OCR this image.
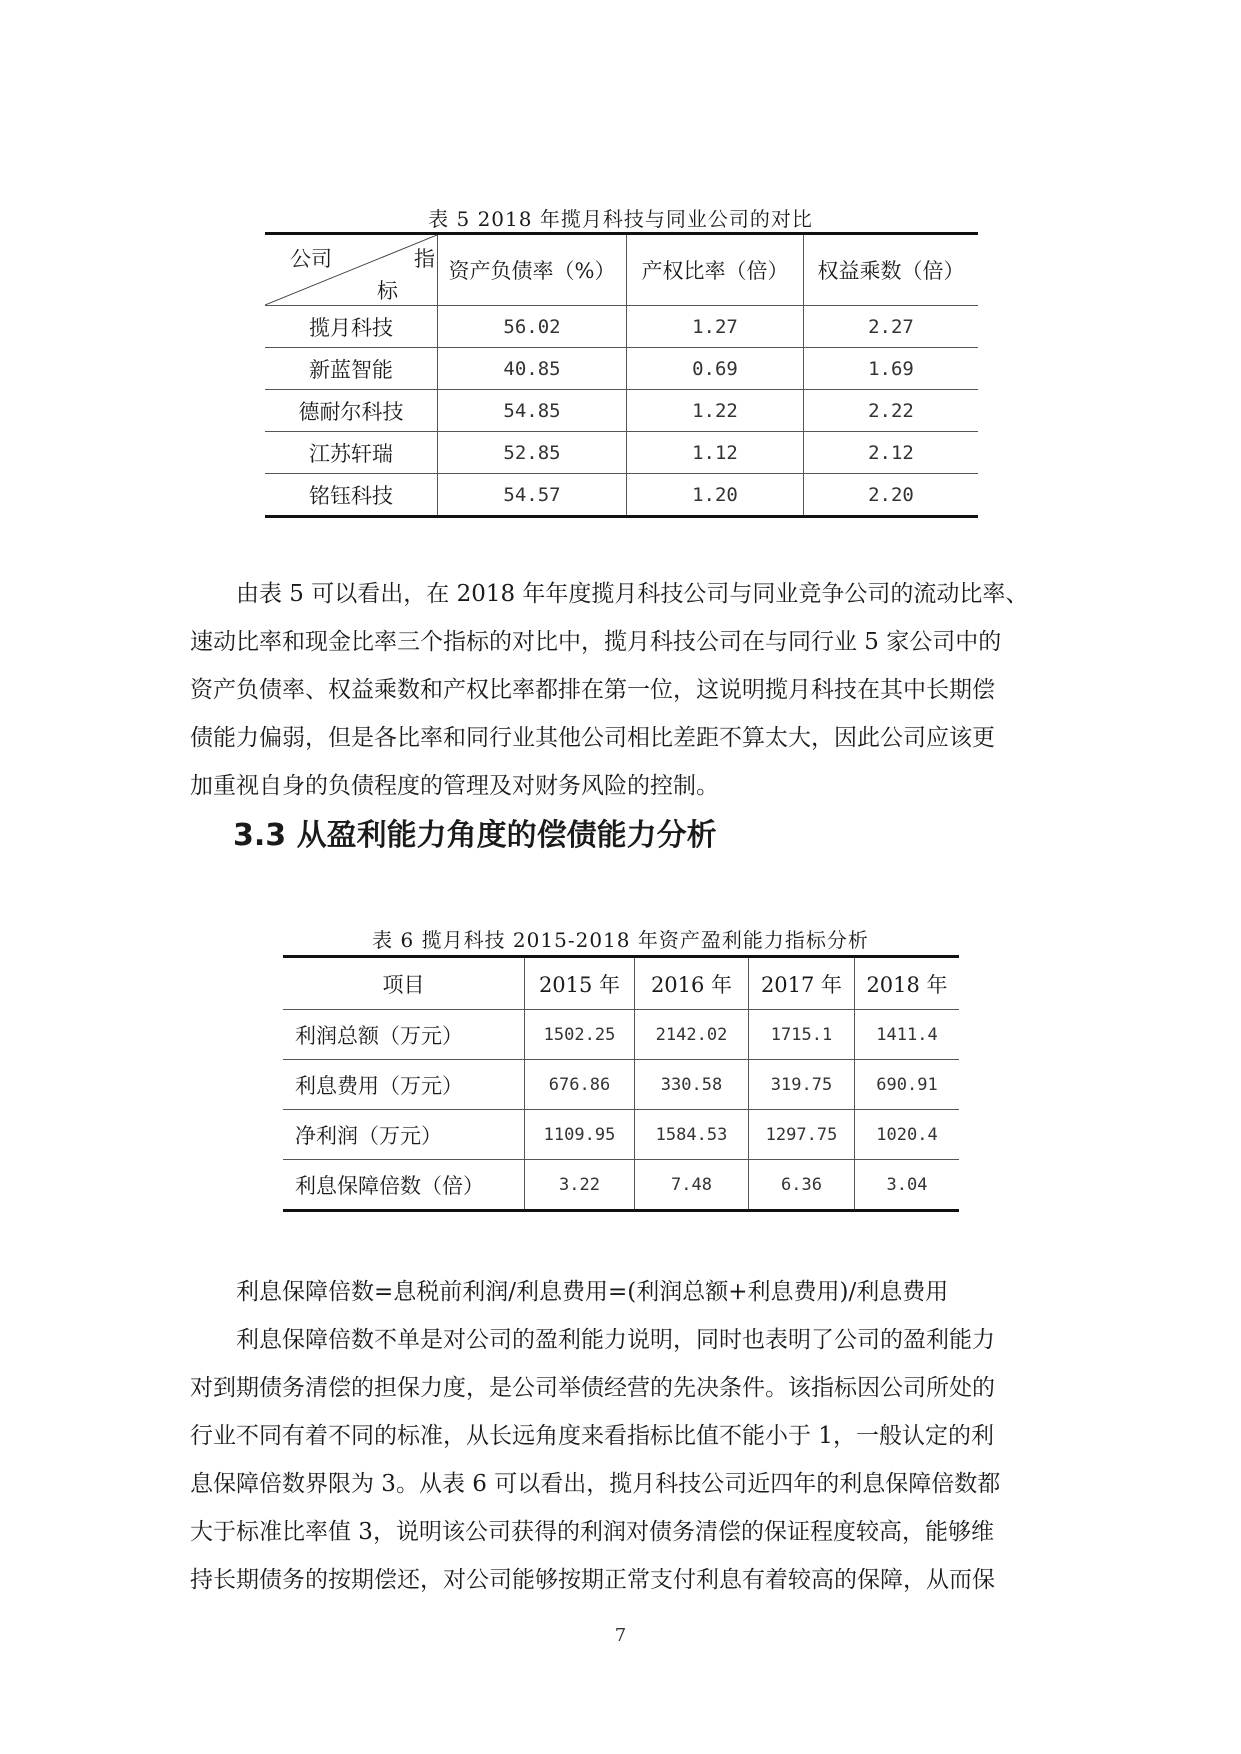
表 5 2018 年揽月科技与同业公司的对比
公司 指
标	资产负债率（%）	产权比率（倍）	权益乘数（倍）
揽月科技	56.02	1.27	2.27
新蓝智能	40.85	0.69	1.69
德耐尔科技	54.85	1.22	2.22
江苏轩瑞	52.85	1.12	2.12
铭钰科技	54.57	1.20	2.20
由表 5 可以看出，在 2018 年年度揽月科技公司与同业竞争公司的流动比率、
速动比率和现金比率三个指标的对比中，揽月科技公司在与同行业 5 家公司中的
资产负债率、权益乘数和产权比率都排在第一位，这说明揽月科技在其中长期偿
债能力偏弱，但是各比率和同行业其他公司相比差距不算太大，因此公司应该更
加重视自身的负债程度的管理及对财务风险的控制。
3.3 从盈利能力角度的偿债能力分析
表 6 揽月科技 2015-2018 年资产盈利能力指标分析
项目	2015 年	2016 年	2017 年	2018 年
利润总额（万元）	1502.25	2142.02	1715.1	1411.4
利息费用（万元）	676.86	330.58	319.75	690.91
净利润（万元）	1109.95	1584.53	1297.75	1020.4
利息保障倍数（倍）	3.22	7.48	6.36	3.04
利息保障倍数=息税前利润/利息费用=(利润总额+利息费用)/利息费用
利息保障倍数不单是对公司的盈利能力说明，同时也表明了公司的盈利能力
对到期债务清偿的担保力度，是公司举债经营的先决条件。该指标因公司所处的
行业不同有着不同的标准，从长远角度来看指标比值不能小于 1，一般认定的利
息保障倍数界限为 3。从表 6 可以看出，揽月科技公司近四年的利息保障倍数都
大于标准比率值 3，说明该公司获得的利润对债务清偿的保证程度较高，能够维
持长期债务的按期偿还，对公司能够按期正常支付利息有着较高的保障，从而保
7
